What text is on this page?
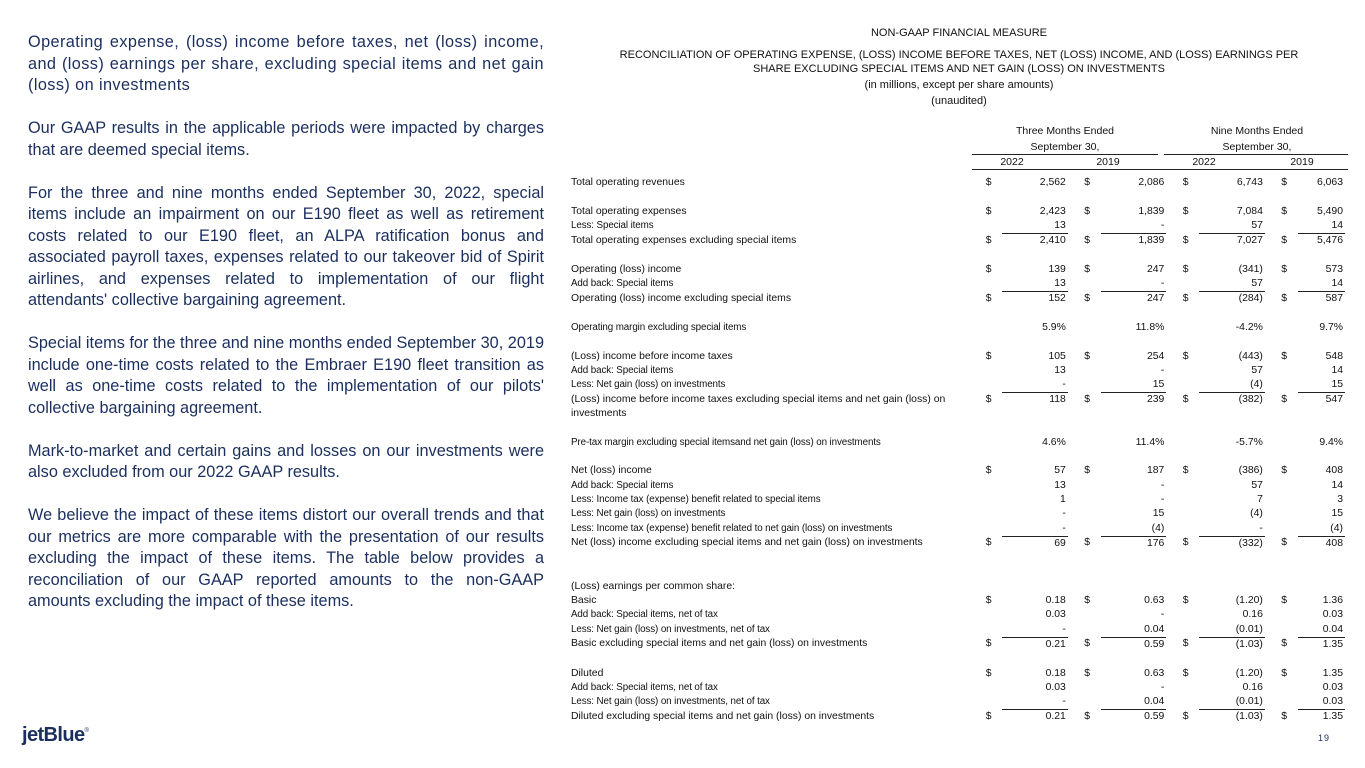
Operating expense, (loss) income before taxes, net (loss) income, and (loss) earnings per share, excluding special items and net gain (loss) on investments
Our GAAP results in the applicable periods were impacted by charges that are deemed special items.
For the three and nine months ended September 30, 2022, special items include an impairment on our E190 fleet as well as retirement costs related to our E190 fleet, an ALPA ratification bonus and associated payroll taxes, expenses related to our takeover bid of Spirit airlines, and expenses related to implementation of our flight attendants' collective bargaining agreement.
Special items for the three and nine months ended September 30, 2019 include one-time costs related to the Embraer E190 fleet transition as well as one-time costs related to the implementation of our pilots' collective bargaining agreement.
Mark-to-market and certain gains and losses on our investments were also excluded from our 2022 GAAP results.
We believe the impact of these items distort our overall trends and that our metrics are more comparable with the presentation of our results excluding the impact of these items. The table below provides a reconciliation of our GAAP reported amounts to the non-GAAP amounts excluding the impact of these items.
NON-GAAP FINANCIAL MEASURE
RECONCILIATION OF OPERATING EXPENSE, (LOSS) INCOME BEFORE TAXES, NET (LOSS) INCOME, AND (LOSS) EARNINGS PER
SHARE EXCLUDING SPECIAL ITEMS AND NET GAIN (LOSS) ON INVESTMENTS
(in millions, except per share amounts)
(unaudited)
Three Months Ended
September 30,
Nine Months Ended
September 30,
2022	2019	2022	2019
Total operating revenues	$	2,562		$	2,086		$	6,743		$	6,063

Total operating expenses	$	2,423		$	1,839		$	7,084		$	5,490
Less: Special items		13			-			57			14
Total operating expenses excluding special items	$	2,410		$	1,839		$	7,027		$	5,476

Operating (loss) income	$	139		$	247		$	(341)		$	573
Add back: Special items		13			-			57			14
Operating (loss) income excluding special items	$	152		$	247		$	(284)		$	587

Operating margin excluding special items		5.9%			11.8%			-4.2%			9.7%

(Loss) income before income taxes	$	105		$	254		$	(443)		$	548
Add back: Special items		13			-			57			14
Less: Net gain (loss) on investments		-			15			(4)			15
(Loss) income before income taxes excluding special items and net gain (loss) on investments	$	118		$	239		$	(382)		$	547

Pre-tax margin excluding special itemsand net gain (loss) on investments		4.6%			11.4%			-5.7%			9.4%

Net (loss) income	$	57		$	187		$	(386)		$	408
Add back: Special items		13			-			57			14
Less: Income tax (expense) benefit related to special items		1			-			7			3
Less: Net gain (loss) on investments		-			15			(4)			15
Less: Income tax (expense) benefit related to net gain (loss) on investments		-			(4)			-			(4)
Net (loss) income excluding special items and net gain (loss) on investments	$	69		$	176		$	(332)		$	408

(Loss) earnings per common share:											
Basic	$	0.18		$	0.63		$	(1.20)		$	1.36
Add back: Special items, net of tax		0.03			-			0.16			0.03
Less: Net gain (loss) on investments, net of tax		-			0.04			(0.01)			0.04
Basic excluding special items and net gain (loss) on investments	$	0.21		$	0.59		$	(1.03)		$	1.35

Diluted	$	0.18		$	0.63		$	(1.20)		$	1.35
Add back: Special items, net of tax		0.03			-			0.16			0.03
Less: Net gain (loss) on investments, net of tax		-			0.04			(0.01)			0.03
Diluted excluding special items and net gain (loss) on investments	$	0.21		$	0.59		$	(1.03)		$	1.35
jetBlue®
19
